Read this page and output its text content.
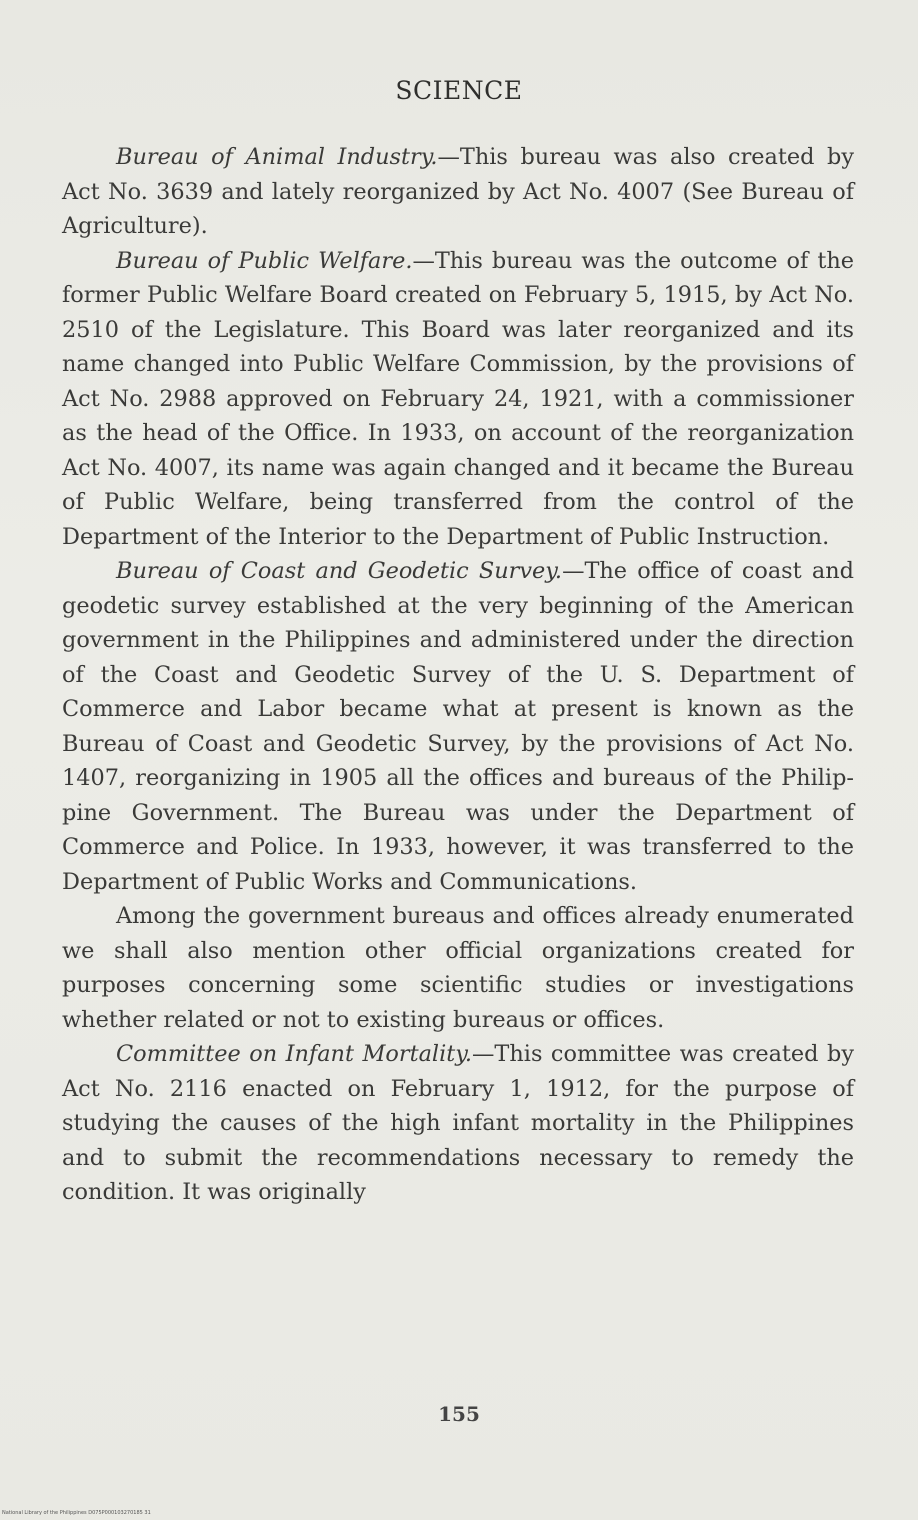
SCIENCE

Bureau of Animal Industry.—This bureau was also created by Act No. 3639 and lately reorganized by Act No. 4007 (See Bureau of Agriculture).

Bureau of Public Welfare.—This bureau was the outcome of the former Public Welfare Board created on February 5, 1915, by Act No. 2510 of the Legislature. This Board was later reorganized and its name changed into Public Welfare Commission, by the provisions of Act No. 2988 approved on February 24, 1921, with a commissioner as the head of the Office. In 1933, on account of the reorganization Act No. 4007, its name was again changed and it became the Bureau of Public Welfare, being transferred from the control of the Department of the Interior to the Department of Public Instruction.

Bureau of Coast and Geodetic Survey.—The office of coast and geodetic survey established at the very beginning of the American government in the Philippines and administered under the direction of the Coast and Geodetic Survey of the U. S. Department of Commerce and Labor became what at present is known as the Bureau of Coast and Geodetic Survey, by the provisions of Act No. 1407, reorganizing in 1905 all the offices and bureaus of the Philippine Government. The Bureau was under the Department of Commerce and Police. In 1933, however, it was transferred to the Department of Public Works and Communications.

Among the government bureaus and offices already enumerated we shall also mention other official organizations created for purposes concerning some scientific studies or investigations whether related or not to existing bureaus or offices.

Committee on Infant Mortality.—This committee was created by Act No. 2116 enacted on February 1, 1912, for the purpose of studying the causes of the high infant mortality in the Philippines and to submit the recommendations necessary to remedy the condition. It was originally

155
National Library of the Philippines D075P000103270185 31
